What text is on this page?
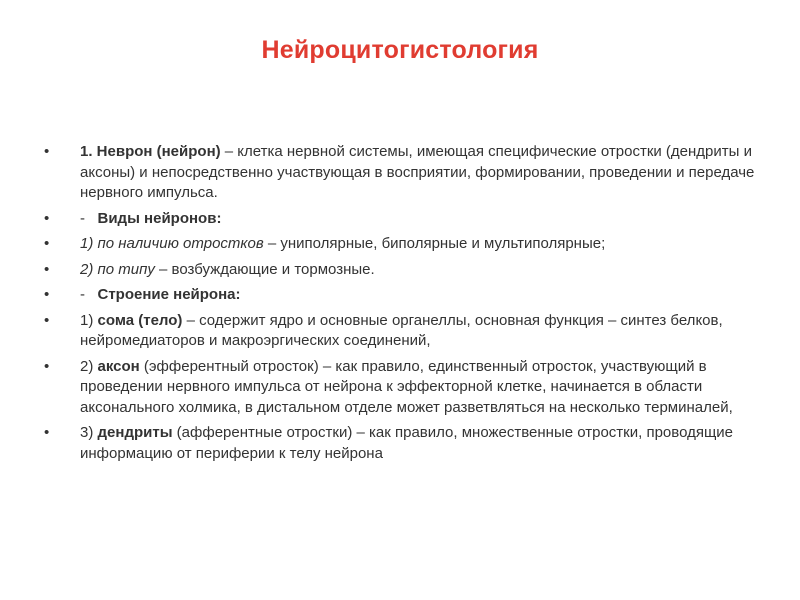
Нейроцитогистология
• 1. Неврон (нейрон) – клетка нервной системы, имеющая специфические отростки (дендриты и аксоны) и непосредственно участвующая в восприятии, формировании, проведении и передаче нервного импульса.
• -   Виды нейронов:
• 1) по наличию отростков – униполярные, биполярные и мультиполярные;
• 2) по типу – возбуждающие и тормозные.
• -   Строение нейрона:
• 1) сома (тело) – содержит ядро и основные органеллы, основная функция – синтез белков, нейромедиаторов и макроэргических соединений,
• 2) аксон (эфферентный отросток) – как правило, единственный отросток, участвующий в проведении нервного импульса от нейрона к эффекторной клетке, начинается в области аксонального холмика, в дистальном отделе может разветвляться на несколько терминалей,
• 3) дендриты (афферентные отростки) – как правило, множественные отростки, проводящие информацию от периферии к телу нейрона
